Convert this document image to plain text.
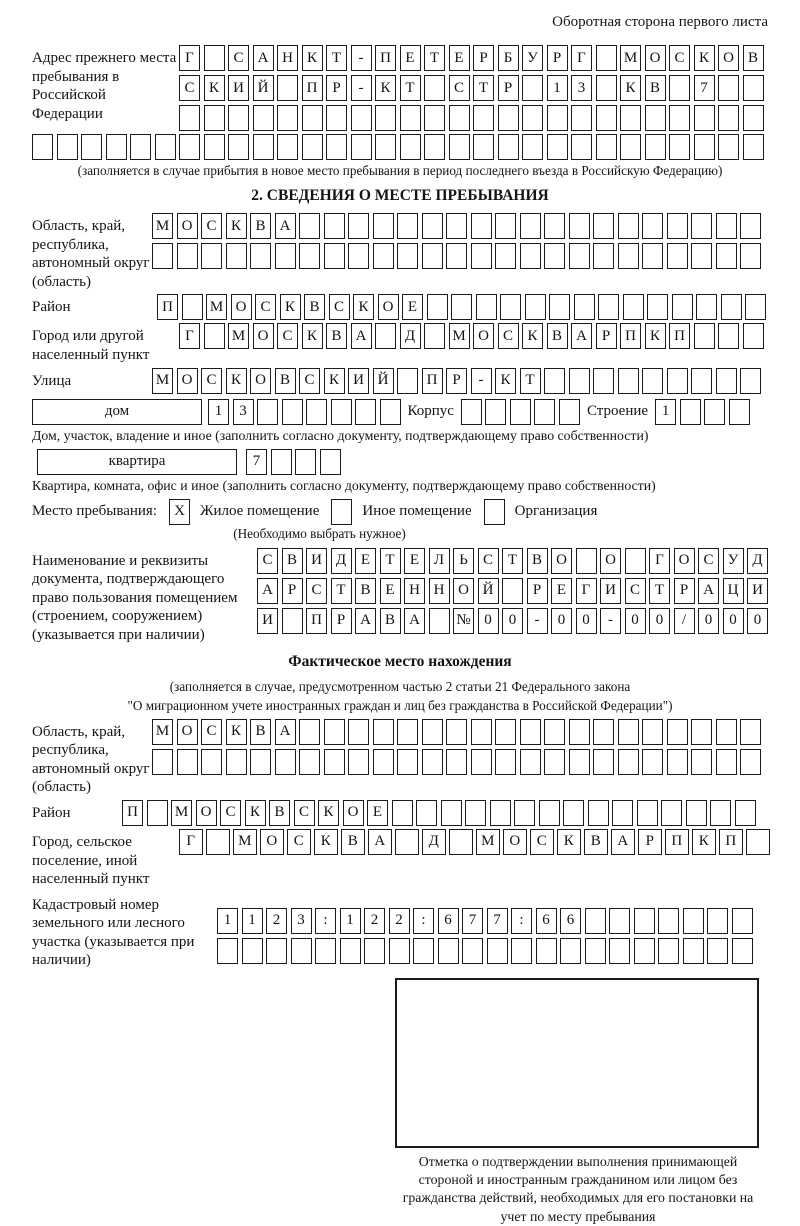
Оборотная сторона первого листа
Адрес прежнего места пребывания в Российской Федерации
Г	С А Н К Т	-	П Е	Т	Е	Р	Б У	Р	Г	М О С К О В
С К И Й	П Р	-	К Т	С Т	Р	1	3	К В	7
(заполняется в случае прибытия в новое место пребывания в период последнего въезда в Российскую Федерацию)
2. СВЕДЕНИЯ О МЕСТЕ ПРЕБЫВАНИЯ
Область, край, республика, автономный округ (область)
М О С К В А
Район	П	М О С К В С К О Е
Город или другой населенный пункт
Г	М О С К В А	Д	М О С К В А Р П К П
Улица	М О С К О В С К И Й	П Р	-	К Т
дом	1	3	Корпус	Строение 1
Дом, участок, владение и иное (заполнить согласно документу, подтверждающему право собственности)
квартира	7
Квартира, комната, офис и иное (заполнить согласно документу, подтверждающему право собственности)
Место пребывания:	X	Жилое помещение	Иное помещение	Организация
(Необходимо выбрать нужное)
Наименование и реквизиты документа, подтверждающего право пользования помещением (строением, сооружением) (указывается при наличии)
С В И Д Е	Т	Е Л	Ь	С Т В О	О	Г О С У Д
А Р	С Т В Е Н Н О Й	Р	Е	Г И С Т	Р А Ц И
И	П Р А В А	№ 0	0	-	0	0	-	0	0	/	0	0	0
Фактическое место нахождения
(заполняется в случае, предусмотренном частью 2 статьи 21 Федерального закона
"О миграционном учете иностранных граждан и лиц без гражданства в Российской Федерации")
Область, край, республика, автономный округ (область)
М О С К В А
Район	П	М О С К В С К О Е
Город, сельское поселение, иной населенный пункт
Г	М О	С	К	В	А	Д	М О	С	К	В	А	Р	П	К	П
Кадастровый номер земельного или лесного участка (указывается при наличии)
1	1	2	3	:	1	2	2	:	6	7	7	:	6	6
Отметка о подтверждении выполнения принимающей стороной и иностранным гражданином или лицом без гражданства действий, необходимых для его постановки на учет по месту пребывания
